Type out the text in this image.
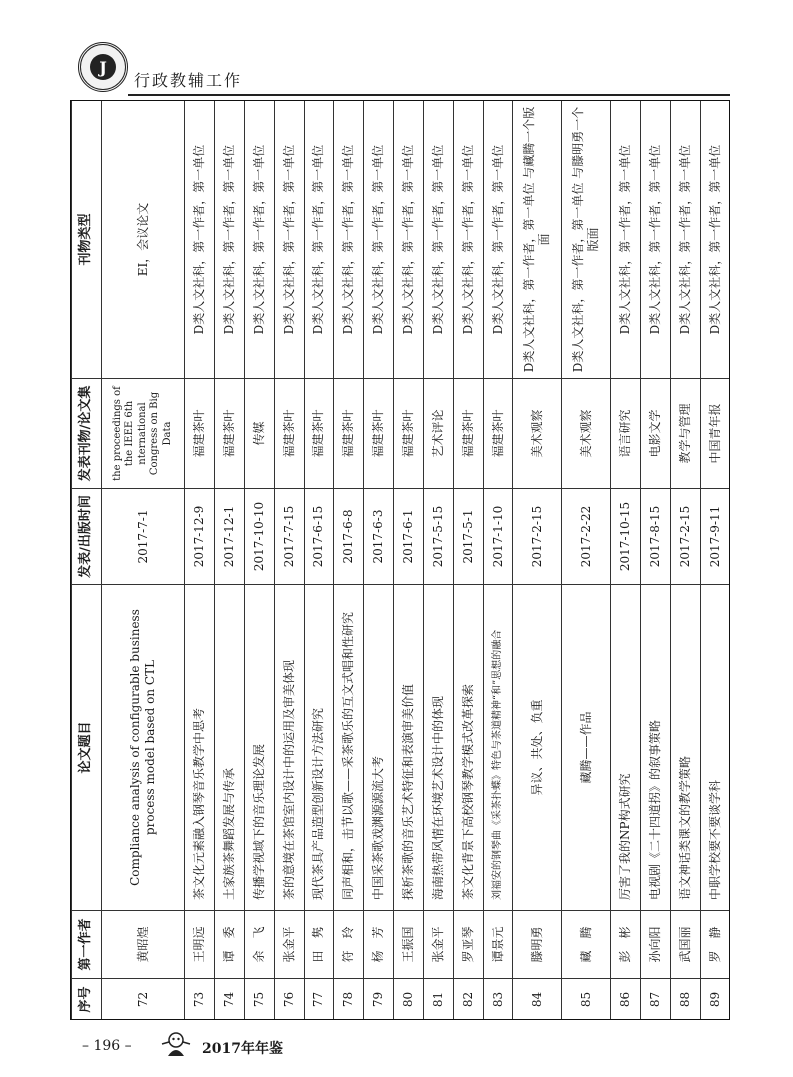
J
行政教辅工作
序号	第一作者	论文题目	发表/出版时间	发表刊物/论文集	刊物类型
72	黄昭煌	Compliance analysis of configurable business process model based on CTL	2017-7-1	the proceedings of the IEEE 6th nternational Congress on Big Data	EI，会议论文
73	王明远	茶文化元素融入钢琴音乐教学中思考	2017-12-9	福建茶叶	D类人文社科，第一作者，第一单位
74	谭　委	土家族茶舞蹈发展与传承	2017-12-1	福建茶叶	D类人文社科，第一作者，第一单位
75	余　飞	传播学视域下的音乐理论发展	2017-10-10	传媒	D类人文社科，第一作者，第一单位
76	张金平	茶的意境在茶馆室内设计中的运用及审美体现	2017-7-15	福建茶叶	D类人文社科，第一作者，第一单位
77	田　隽	现代茶具产品造型创新设计方法研究	2017-6-15	福建茶叶	D类人文社科，第一作者，第一单位
78	符　玲	同声相和，击节以歌——采茶歌乐的互文式唱和性研究	2017-6-8	福建茶叶	D类人文社科，第一作者，第一单位
79	杨　芳	中国采茶歌戏渊源源流大考	2017-6-3	福建茶叶	D类人文社科，第一作者，第一单位
80	王振国	探析茶歌的音乐艺术特征和表演审美价值	2017-6-1	福建茶叶	D类人文社科，第一作者，第一单位
81	张金平	海南热带风情在环境艺术设计中的体现	2017-5-15	艺术评论	D类人文社科，第一作者，第一单位
82	罗亚琴	茶文化背景下高校钢琴教学模式改革探索	2017-5-1	福建茶叶	D类人文社科，第一作者，第一单位
83	谭景元	刘福安的钢琴曲《采茶扑蝶》特色与茶道精神“和”思想的融合	2017-1-10	福建茶叶	D类人文社科，第一作者，第一单位
84	滕明勇	异议、共处、负重	2017-2-15	美术观察	D类人文社科，第一作者，第一单位 与藏腾一个版面
85	藏　腾	藏腾——作品	2017-2-22	美术观察	D类人文社科，第一作者，第一单位 与滕明勇一个版面
86	彭　彬	厉害了我的NP构式研究	2017-10-15	语言研究	D类人文社科，第一作者，第一单位
87	孙向阳	电视剧《二十四道拐》的叙事策略	2017-8-15	电影文学	D类人文社科，第一作者，第一单位
88	武国丽	语文神话类课文的教学策略	2017-2-15	教学与管理	D类人文社科，第一作者，第一单位
89	罗　静	中职学校要不要谈学科	2017-9-11	中国青年报	D类人文社科，第一作者，第一单位
– 196 –	2017年年鉴
